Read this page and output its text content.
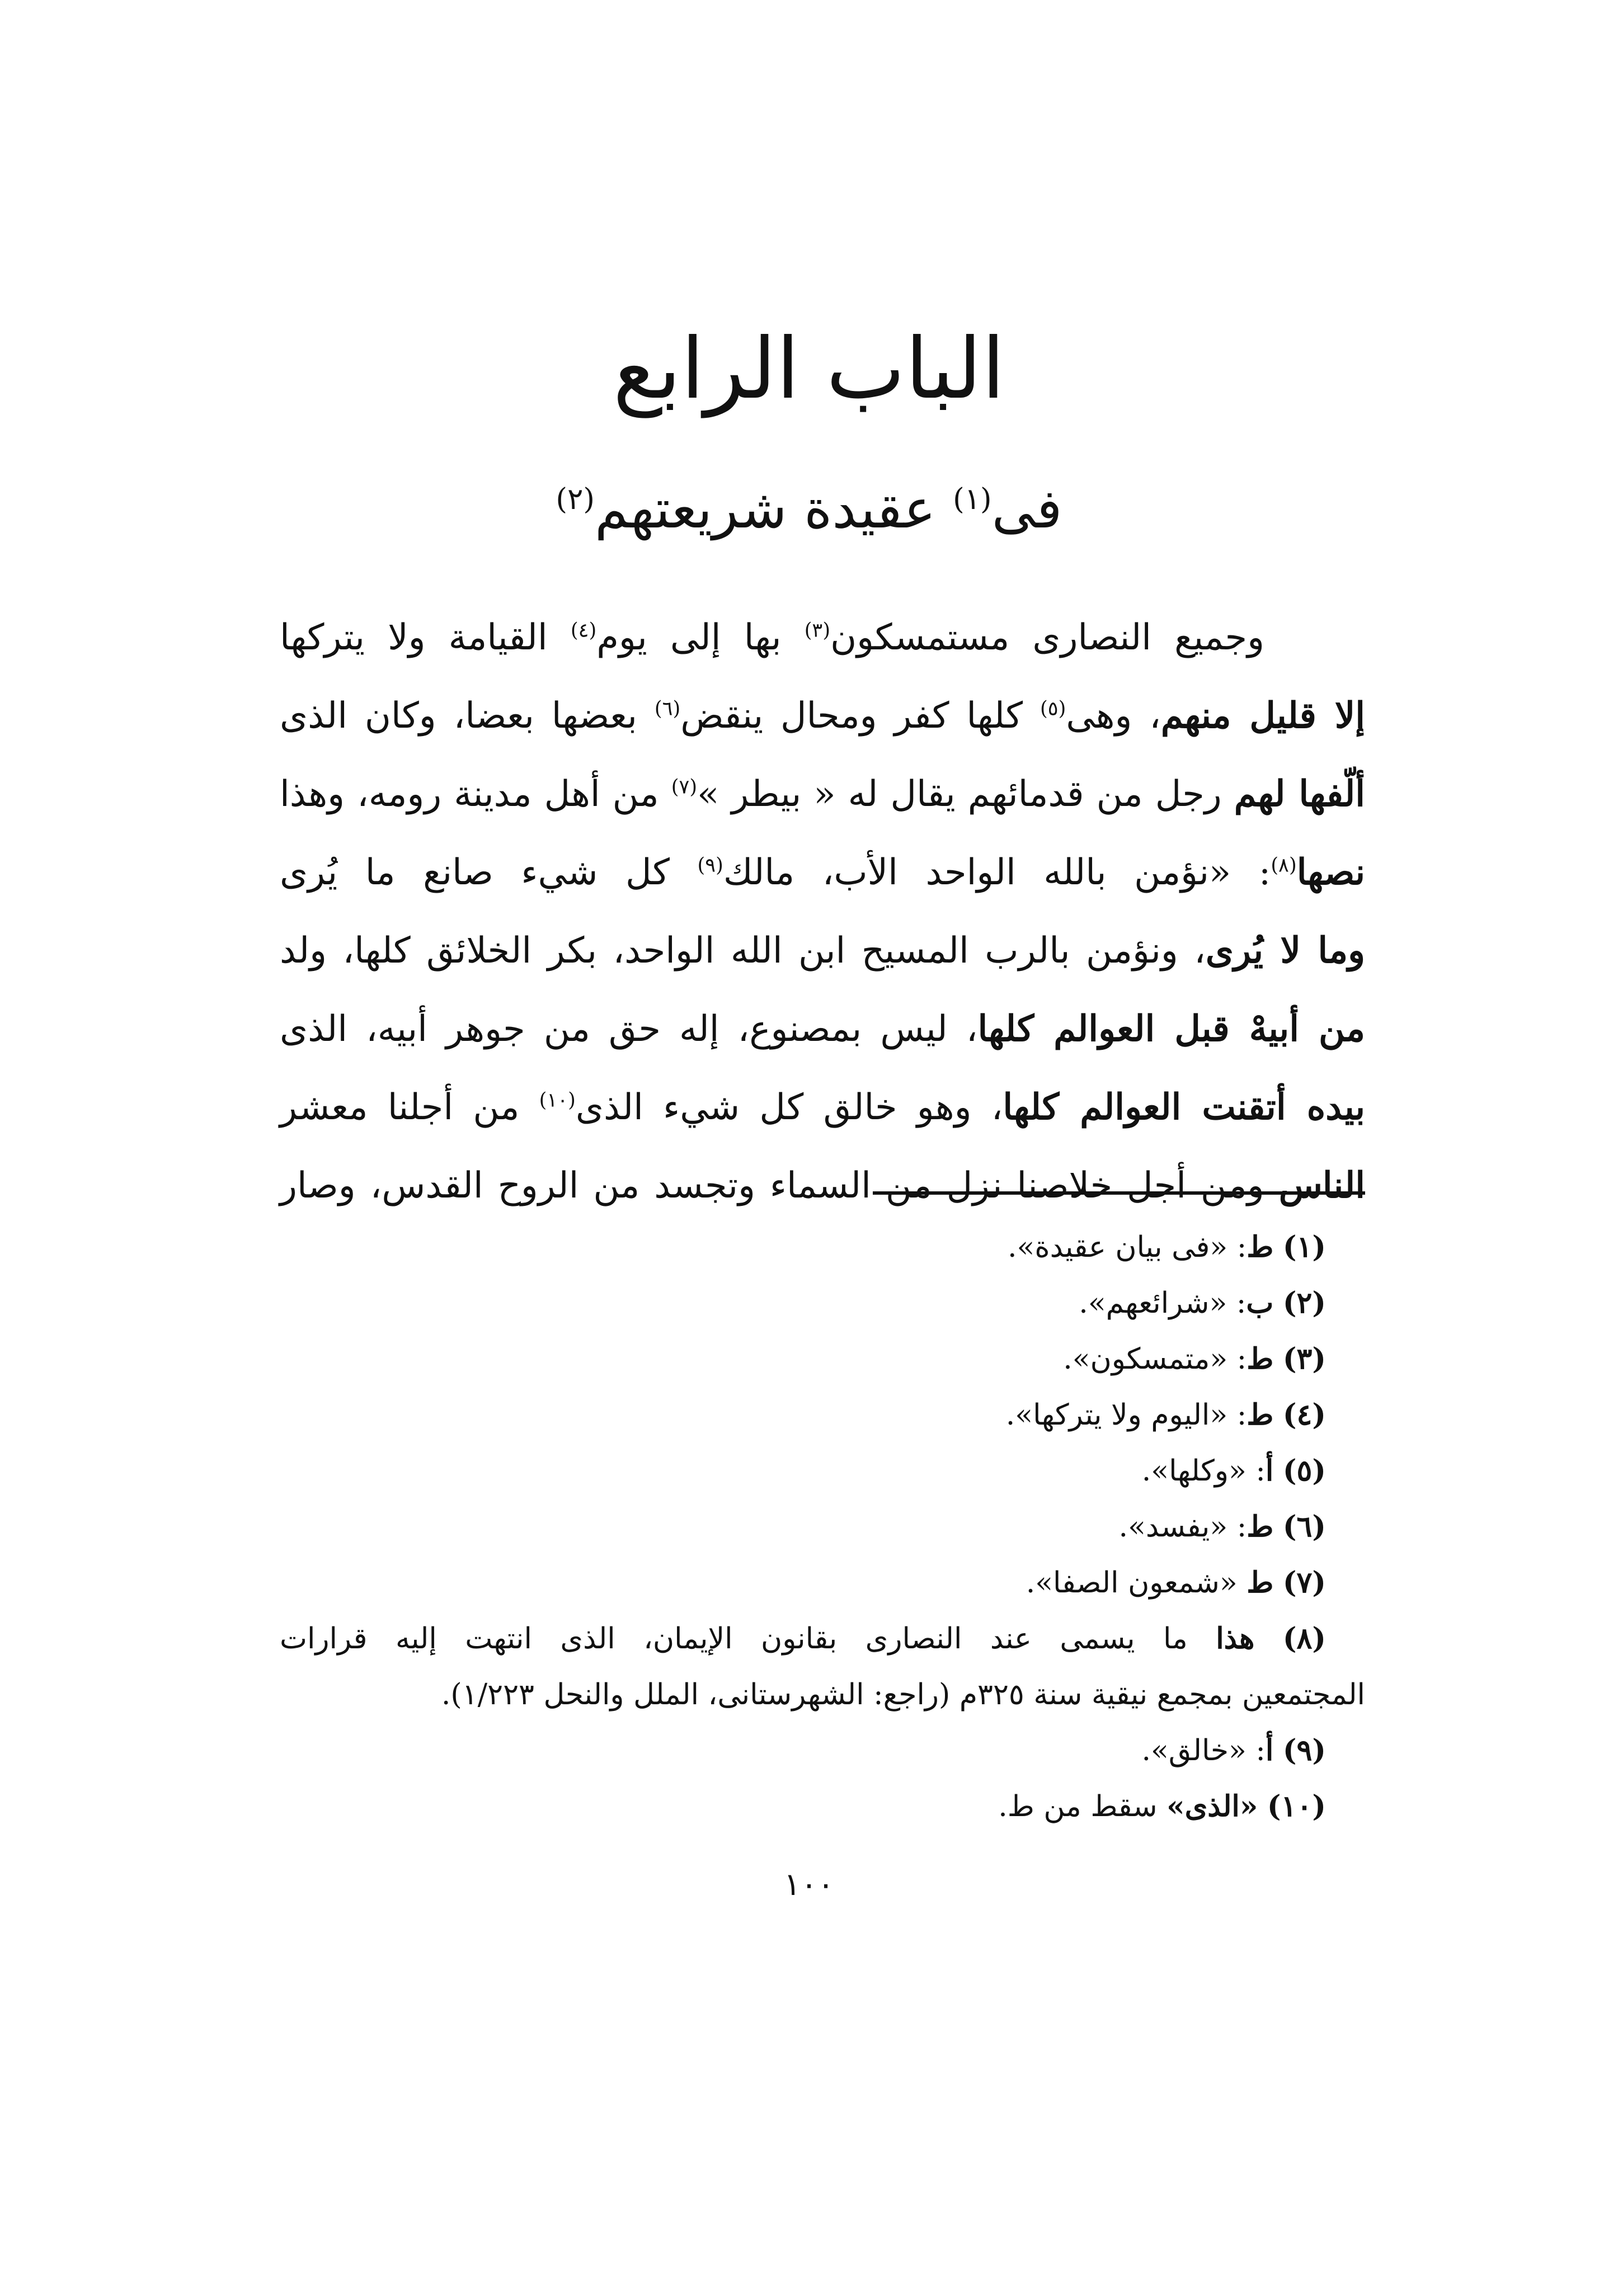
الباب الرابع
فى$^{(١)}$ عقيدة شريعتهم$^{(٢)}$
وجميع النصارى مستمسكون$^{(٣)}$ بها إلى يوم$^{(٤)}$ القيامة ولا يتركها
إلا قليل منهم، وهى$^{(٥)}$ كلها كفر ومحال ينقض$^{(٦)}$ بعضها بعضا، وكان الذى
ألّفها لهم رجل من قدمائهم يقال له « بيطر »$^{(٧)}$ من أهل مدينة رومه، وهذا
نصها$^{(٨)}$: «نؤمن بالله الواحد الأب، مالك$^{(٩)}$ كل شيء صانع ما يُرى
وما لا يُرى، ونؤمن بالرب المسيح ابن الله الواحد، بكر الخلائق كلها، ولد
من أبيهْ قبل العوالم كلها، ليس بمصنوع، إله حق من جوهر أبيه، الذى
بيده أتقنت العوالم كلها، وهو خالق كل شيء الذى$^{(١٠)}$ من أجلنا معشر
الناس ومن أجل خلاصنا نزل من السماء وتجسد من الروح القدس، وصار
(١) ط: «فى بيان عقيدة».
(٢) ب: «شرائعهم».
(٣) ط: «متمسكون».
(٤) ط: «اليوم ولا يتركها».
(٥) أ: «وكلها».
(٦) ط: «يفسد».
(٧) ط «شمعون الصفا».
(٨) هذا ما يسمى عند النصارى بقانون الإيمان، الذى انتهت إليه قرارات
المجتمعين بمجمع نيقية سنة ٣٢٥م (راجع: الشهرستانى، الملل والنحل ١/٢٢٣).
(٩) أ: «خالق».
(١٠) «الذى» سقط من ط.
١٠٠
